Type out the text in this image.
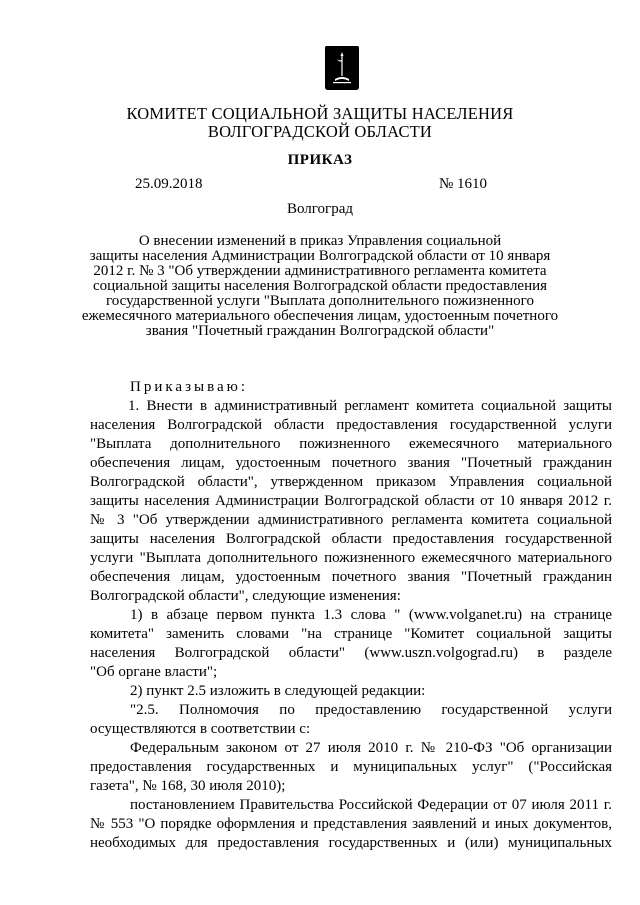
КОМИТЕТ СОЦИАЛЬНОЙ ЗАЩИТЫ НАСЕЛЕНИЯ
ВОЛГОГРАДСКОЙ ОБЛАСТИ
ПРИКАЗ
25.09.2018	№ 1610
Волгоград
О внесении изменений в приказ Управления социальной
защиты населения Администрации Волгоградской области от 10 января
2012 г. № 3 "Об утверждении административного регламента комитета
социальной защиты населения Волгоградской области предоставления
государственной услуги "Выплата дополнительного пожизненного
ежемесячного материального обеспечения лицам, удостоенным почетного
звания "Почетный гражданин Волгоградской области"
Приказываю:
1. Внести в административный регламент комитета социальной защиты
населения Волгоградской области предоставления государственной услуги
"Выплата дополнительного пожизненного ежемесячного материального
обеспечения лицам, удостоенным почетного звания "Почетный гражданин
Волгоградской области", утвержденном приказом Управления социальной
защиты населения Администрации Волгоградской области от 10 января 2012 г.
№ 3 "Об утверждении административного регламента комитета социальной
защиты населения Волгоградской области предоставления государственной
услуги "Выплата дополнительного пожизненного ежемесячного материального
обеспечения лицам, удостоенным почетного звания "Почетный гражданин
Волгоградской области", следующие изменения:
1) в абзаце первом пункта 1.3 слова " (www.volganet.ru) на странице
комитета" заменить словами "на странице "Комитет социальной защиты
населения Волгоградской области" (www.uszn.volgograd.ru) в разделе
"Об органе власти";
2) пункт 2.5 изложить в следующей редакции:
"2.5. Полномочия по предоставлению государственной услуги
осуществляются в соответствии с:
Федеральным законом от 27 июля 2010 г. № 210-ФЗ "Об организации
предоставления государственных и муниципальных услуг" ("Российская
газета", № 168, 30 июля 2010);
постановлением Правительства Российской Федерации от 07 июля 2011 г.
№ 553 "О порядке оформления и представления заявлений и иных документов,
необходимых для предоставления государственных и (или) муниципальных
